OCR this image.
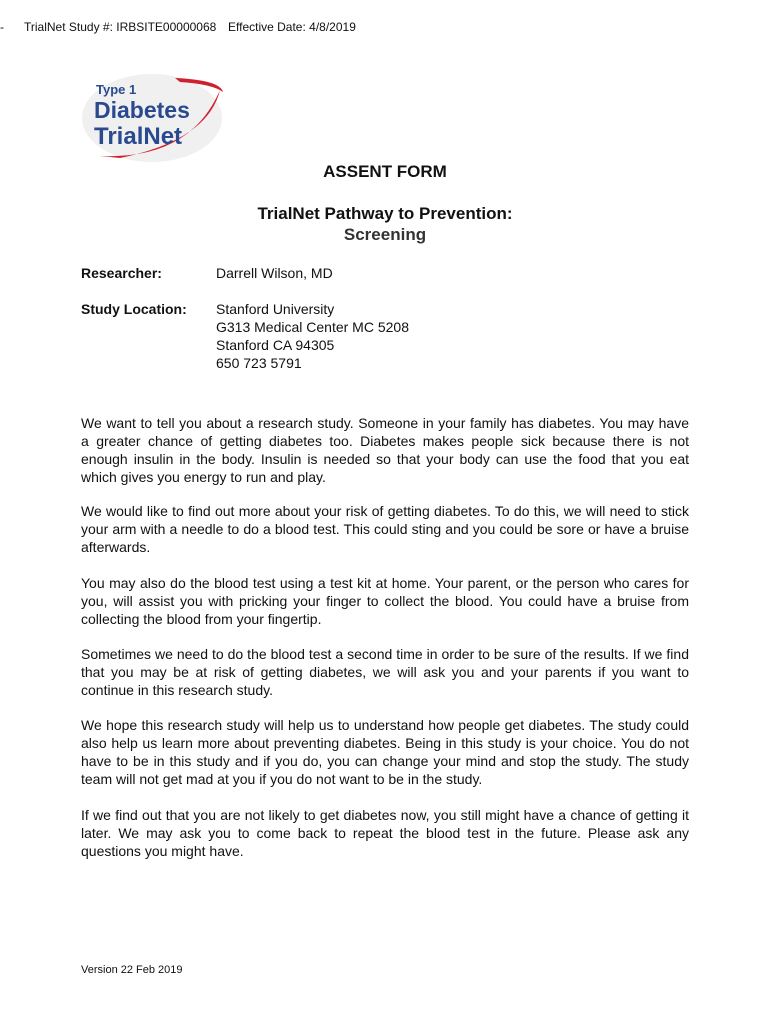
- TrialNet Study #: IRBSITE00000068 Effective Date: 4/8/2019
Type 1
Diabetes
TrialNet
ASSENT FORM
TrialNet Pathway to Prevention:
Screening
Researcher:	Darrell Wilson, MD
Study Location: Stanford University
G313 Medical Center MC 5208
Stanford CA 94305
650 723 5791

We want to tell you about a research study. Someone in your family has diabetes. You may have a greater chance of getting diabetes too. Diabetes makes people sick because there is not enough insulin in the body. Insulin is needed so that your body can use the food that you eat which gives you energy to run and play.

We would like to find out more about your risk of getting diabetes. To do this, we will need to stick your arm with a needle to do a blood test. This could sting and you could be sore or have a bruise afterwards.

You may also do the blood test using a test kit at home. Your parent, or the person who cares for you, will assist you with pricking your finger to collect the blood. You could have a bruise from collecting the blood from your fingertip.

Sometimes we need to do the blood test a second time in order to be sure of the results. If we find that you may be at risk of getting diabetes, we will ask you and your parents if you want to continue in this research study.

We hope this research study will help us to understand how people get diabetes. The study could also help us learn more about preventing diabetes. Being in this study is your choice. You do not have to be in this study and if you do, you can change your mind and stop the study. The study team will not get mad at you if you do not want to be in the study.

If we find out that you are not likely to get diabetes now, you still might have a chance of getting it later. We may ask you to come back to repeat the blood test in the future. Please ask any questions you might have.

Version 22 Feb 2019
